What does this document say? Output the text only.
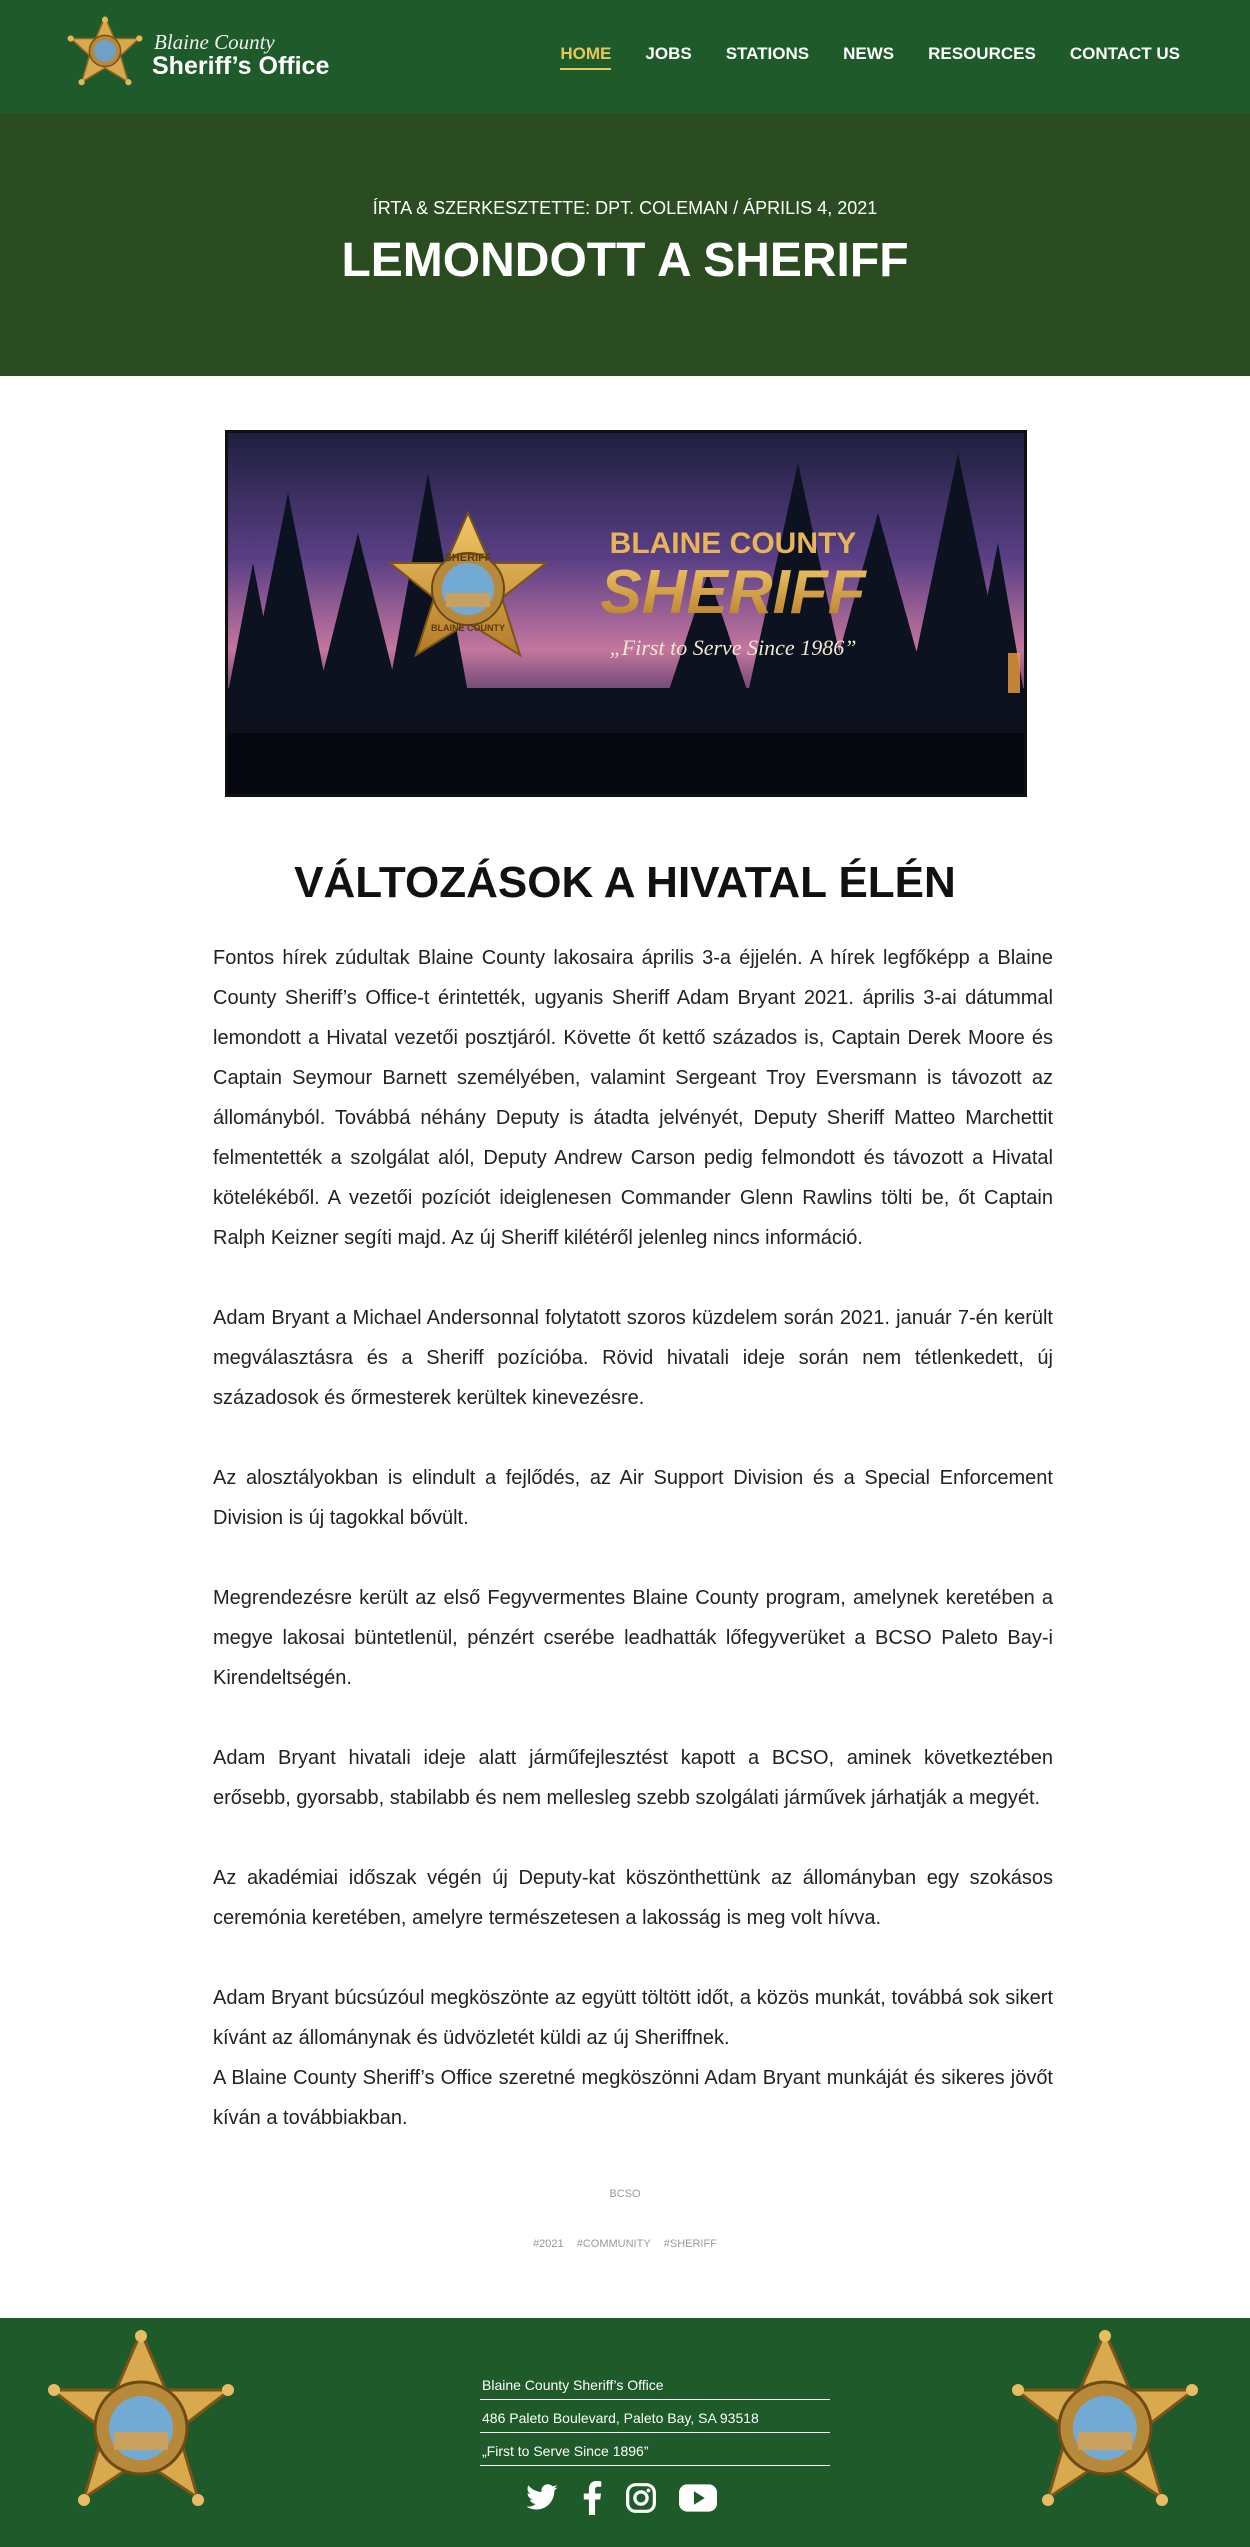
Blaine County
Sheriff’s Office	HOME JOBS STATIONS NEWS RESOURCES CONTACT US
ÍRTA & SZERKESZTETTE: DPT. COLEMAN / ÁPRILIS 4, 2021
LEMONDOTT A SHERIFF
SHERIFF
BLAINE COUNTY
BLAINE COUNTY
SHERIFF
„First to Serve Since 1986”
VÁLTOZÁSOK A HIVATAL ÉLÉN

Fontos hírek zúdultak Blaine County lakosaira április 3-a éjjelén. A hírek legfőképp a Blaine County Sheriff’s Office-t érintették, ugyanis Sheriff Adam Bryant 2021. április 3-ai dátummal lemondott a Hivatal vezetői posztjáról. Követte őt kettő százados is, Captain Derek Moore és Captain Seymour Barnett személyében, valamint Sergeant Troy Eversmann is távozott az állományból. Továbbá néhány Deputy is átadta jelvényét, Deputy Sheriff Matteo Marchettit felmentették a szolgálat alól, Deputy Andrew Carson pedig felmondott és távozott a Hivatal kötelékéből. A vezetői pozíciót ideiglenesen Commander Glenn Rawlins tölti be, őt Captain Ralph Keizner segíti majd. Az új Sheriff kilétéről jelenleg nincs információ.

Adam Bryant a Michael Andersonnal folytatott szoros küzdelem során 2021. január 7-én került megválasztásra és a Sheriff pozícióba. Rövid hivatali ideje során nem tétlenkedett, új századosok és őrmesterek kerültek kinevezésre.

Az alosztályokban is elindult a fejlődés, az Air Support Division és a Special Enforcement Division is új tagokkal bővült.

Megrendezésre került az első Fegyvermentes Blaine County program, amelynek keretében a megye lakosai büntetlenül, pénzért cserébe leadhatták lőfegyverüket a BCSO Paleto Bay-i Kirendeltségén.

Adam Bryant hivatali ideje alatt járműfejlesztést kapott a BCSO, aminek következtében erősebb, gyorsabb, stabilabb és nem mellesleg szebb szolgálati járművek járhatják a megyét.

Az akadémiai időszak végén új Deputy-kat köszönthettünk az állományban egy szokásos ceremónia keretében, amelyre természetesen a lakosság is meg volt hívva.

Adam Bryant búcsúzóul megköszönte az együtt töltött időt, a közös munkát, továbbá sok sikert kívánt az állománynak és üdvözletét küldi az új Sheriffnek.

A Blaine County Sheriff’s Office szeretné megköszönni Adam Bryant munkáját és sikeres jövőt kíván a továbbiakban.

BCSO
#2021 #COMMUNITY #SHERIFF
Blaine County Sheriff’s Office
486 Paleto Boulevard, Paleto Bay, SA 93518
„First to Serve Since 1896”
